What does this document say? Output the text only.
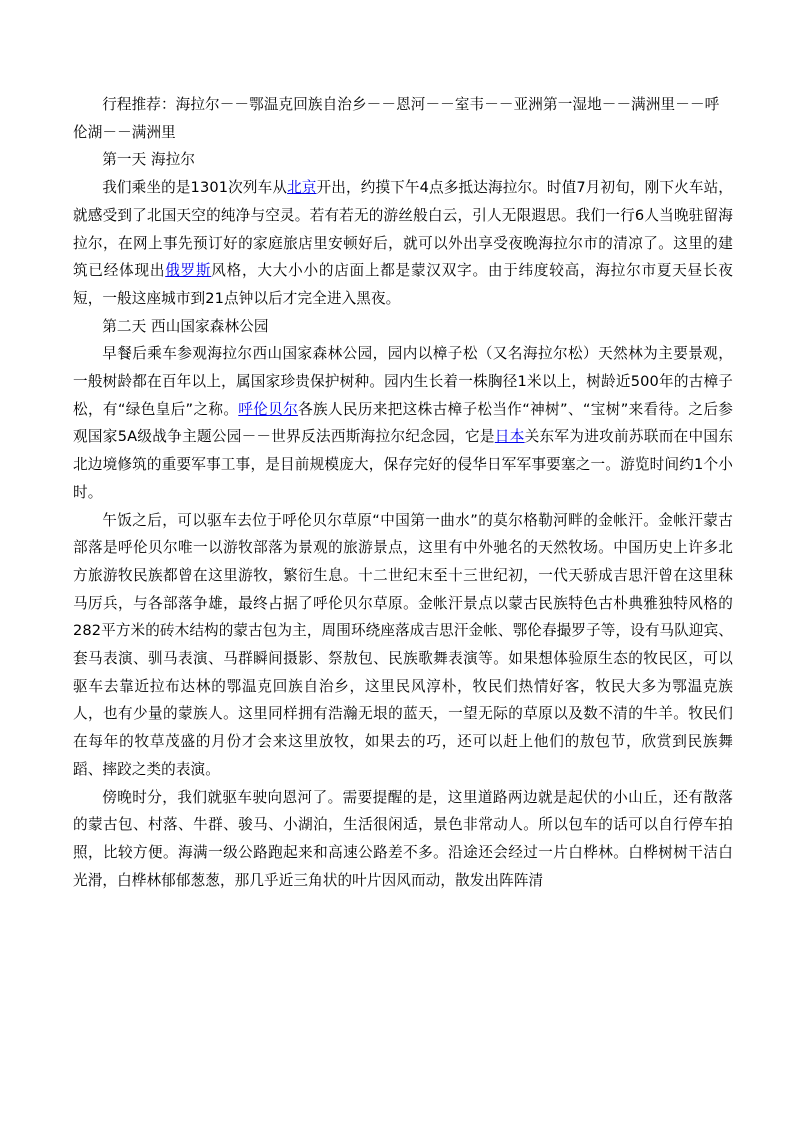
行程推荐：海拉尔－－鄂温克回族自治乡－－恩河－－室韦－－亚洲第一湿地－－满洲里－－呼伦湖－－满洲里

第一天 海拉尔

我们乘坐的是1301次列车从北京开出，约摸下午4点多抵达海拉尔。时值7月初旬，刚下火车站，就感受到了北国天空的纯净与空灵。若有若无的游丝般白云，引人无限遐思。我们一行6人当晚驻留海拉尔，在网上事先预订好的家庭旅店里安顿好后，就可以外出享受夜晚海拉尔市的清凉了。这里的建筑已经体现出俄罗斯风格，大大小小的店面上都是蒙汉双字。由于纬度较高，海拉尔市夏天昼长夜短，一般这座城市到21点钟以后才完全进入黑夜。

第二天 西山国家森林公园

早餐后乘车参观海拉尔西山国家森林公园，园内以樟子松（又名海拉尔松）天然林为主要景观，一般树龄都在百年以上，属国家珍贵保护树种。园内生长着一株胸径1米以上，树龄近500年的古樟子松，有“绿色皇后”之称。呼伦贝尔各族人民历来把这株古樟子松当作“神树”、“宝树”来看待。之后参观国家5A级战争主题公园－－世界反法西斯海拉尔纪念园，它是日本关东军为进攻前苏联而在中国东北边境修筑的重要军事工事，是目前规模庞大，保存完好的侵华日军军事要塞之一。游览时间约1个小时。

午饭之后，可以驱车去位于呼伦贝尔草原“中国第一曲水”的莫尔格勒河畔的金帐汗。金帐汗蒙古部落是呼伦贝尔唯一以游牧部落为景观的旅游景点，这里有中外驰名的天然牧场。中国历史上许多北方旅游牧民族都曾在这里游牧，繁衍生息。十二世纪末至十三世纪初，一代天骄成吉思汗曾在这里秣马厉兵，与各部落争雄，最终占据了呼伦贝尔草原。金帐汗景点以蒙古民族特色古朴典雅独特风格的282平方米的砖木结构的蒙古包为主，周围环绕座落成吉思汗金帐、鄂伦春撮罗子等，设有马队迎宾、套马表演、驯马表演、马群瞬间摄影、祭敖包、民族歌舞表演等。如果想体验原生态的牧民区，可以驱车去靠近拉布达林的鄂温克回族自治乡，这里民风淳朴，牧民们热情好客，牧民大多为鄂温克族人，也有少量的蒙族人。这里同样拥有浩瀚无垠的蓝天，一望无际的草原以及数不清的牛羊。牧民们在每年的牧草茂盛的月份才会来这里放牧，如果去的巧，还可以赶上他们的敖包节，欣赏到民族舞蹈、摔跤之类的表演。

傍晚时分，我们就驱车驶向恩河了。需要提醒的是，这里道路两边就是起伏的小山丘，还有散落的蒙古包、村落、牛群、骏马、小湖泊，生活很闲适，景色非常动人。所以包车的话可以自行停车拍照，比较方便。海满一级公路跑起来和高速公路差不多。沿途还会经过一片白桦林。白桦树树干洁白光滑，白桦林郁郁葱葱，那几乎近三角状的叶片因风而动，散发出阵阵清
